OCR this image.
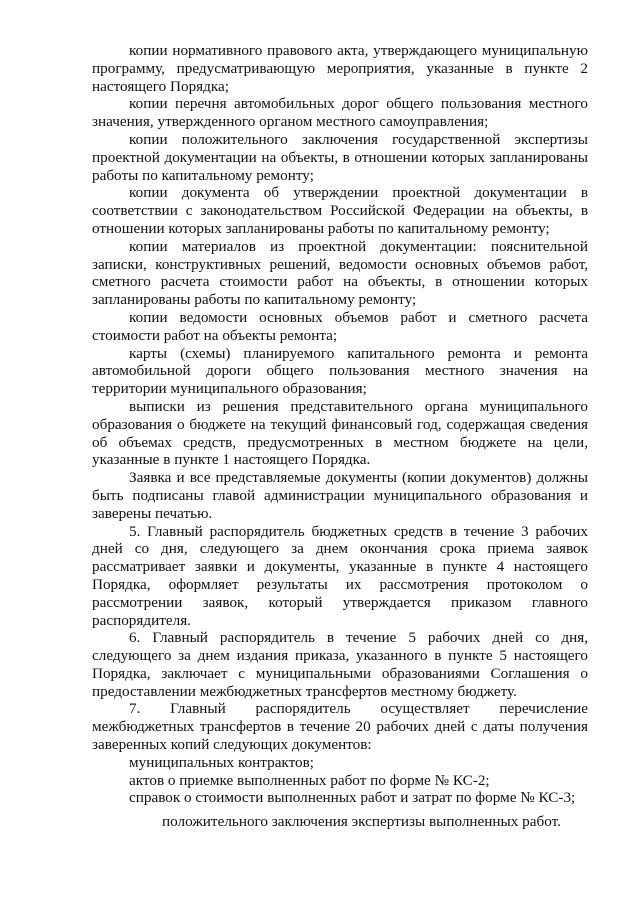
копии нормативного правового акта, утверждающего муниципальную программу, предусматривающую мероприятия, указанные в пункте 2 настоящего Порядка;

копии перечня автомобильных дорог общего пользования местного значения, утвержденного органом местного самоуправления;

копии положительного заключения государственной экспертизы проектной документации на объекты, в отношении которых запланированы работы по капитальному ремонту;

копии документа об утверждении проектной документации в соответствии с законодательством Российской Федерации на объекты, в отношении которых запланированы работы по капитальному ремонту;

копии материалов из проектной документации: пояснительной записки, конструктивных решений, ведомости основных объемов работ, сметного расчета стоимости работ на объекты, в отношении которых запланированы работы по капитальному ремонту;

копии ведомости основных объемов работ и сметного расчета стоимости работ на объекты ремонта;

карты (схемы) планируемого капитального ремонта и ремонта автомобильной дороги общего пользования местного значения на территории муниципального образования;

выписки из решения представительного органа муниципального образования о бюджете на текущий финансовый год, содержащая сведения об объемах средств, предусмотренных в местном бюджете на цели, указанные в пункте 1 настоящего Порядка.

Заявка и все представляемые документы (копии документов) должны быть подписаны главой администрации муниципального образования и заверены печатью.

5. Главный распорядитель бюджетных средств в течение 3 рабочих дней со дня, следующего за днем окончания срока приема заявок рассматривает заявки и документы, указанные в пункте 4 настоящего Порядка, оформляет результаты их рассмотрения протоколом о рассмотрении заявок, который утверждается приказом главного распорядителя.

6. Главный распорядитель в течение 5 рабочих дней со дня, следующего за днем издания приказа, указанного в пункте 5 настоящего Порядка, заключает с муниципальными образованиями Соглашения о предоставлении межбюджетных трансфертов местному бюджету.

7. Главный распорядитель осуществляет перечисление межбюджетных трансфертов в течение 20 рабочих дней с даты получения заверенных копий следующих документов:

муниципальных контрактов;

актов о приемке выполненных работ по форме № КС-2;

справок о стоимости выполненных работ и затрат по форме № КС-3;

положительного заключения экспертизы выполненных работ.
